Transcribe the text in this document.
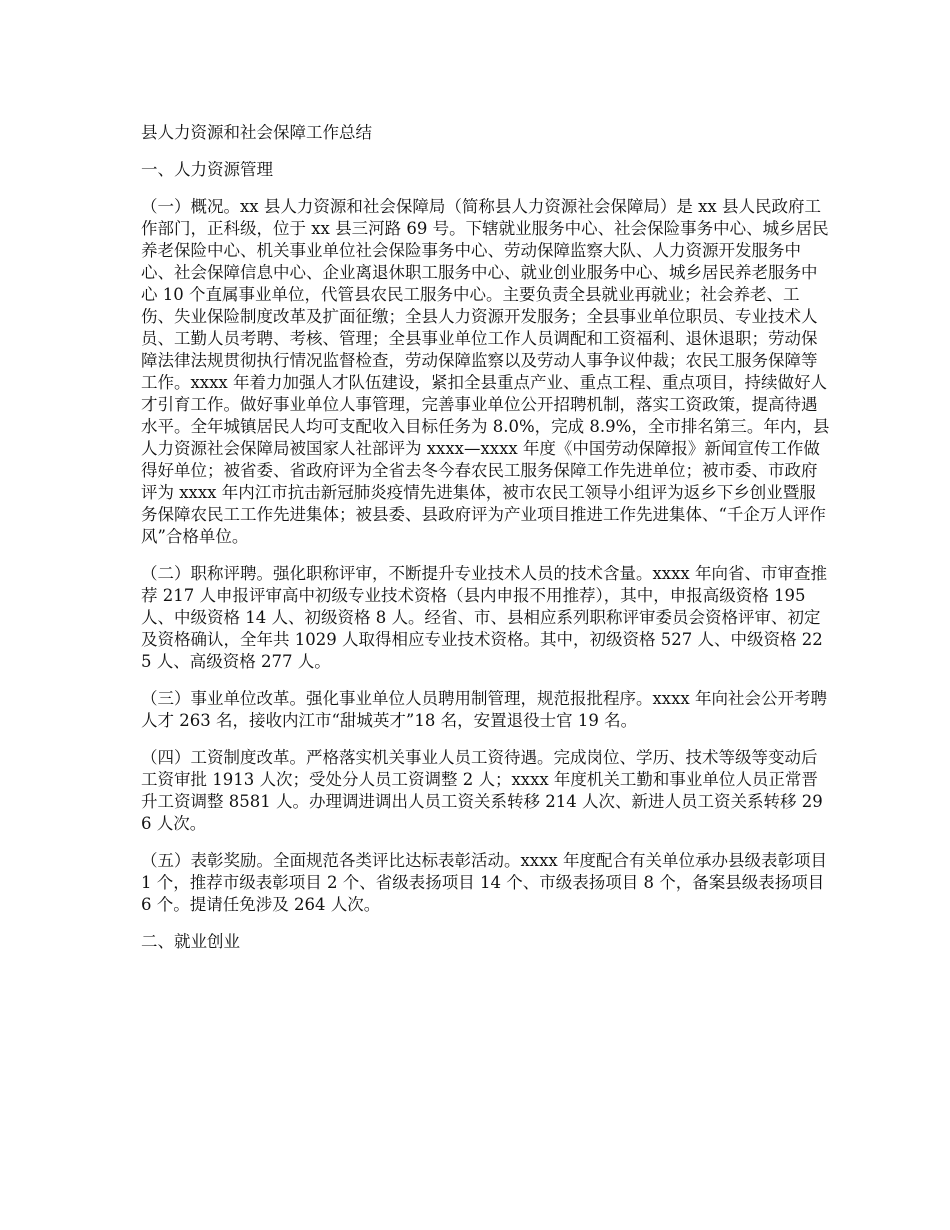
县人力资源和社会保障工作总结
一、人力资源管理
（一）概况。xx 县人力资源和社会保障局（简称县人力资源社会保障局）是 xx 县人民政府工作部门，正科级，位于 xx 县三河路 69 号。下辖就业服务中心、社会保险事务中心、城乡居民养老保险中心、机关事业单位社会保险事务中心、劳动保障监察大队、人力资源开发服务中心、社会保障信息中心、企业离退休职工服务中心、就业创业服务中心、城乡居民养老服务中心 10 个直属事业单位，代管县农民工服务中心。主要负责全县就业再就业；社会养老、工伤、失业保险制度改革及扩面征缴；全县人力资源开发服务；全县事业单位职员、专业技术人员、工勤人员考聘、考核、管理；全县事业单位工作人员调配和工资福利、退休退职；劳动保障法律法规贯彻执行情况监督检查，劳动保障监察以及劳动人事争议仲裁；农民工服务保障等工作。xxxx 年着力加强人才队伍建设，紧扣全县重点产业、重点工程、重点项目，持续做好人才引育工作。做好事业单位人事管理，完善事业单位公开招聘机制，落实工资政策，提高待遇水平。全年城镇居民人均可支配收入目标任务为 8.0%，完成 8.9%，全市排名第三。年内，县人力资源社会保障局被国家人社部评为 xxxx—xxxx 年度《中国劳动保障报》新闻宣传工作做得好单位；被省委、省政府评为全省去冬今春农民工服务保障工作先进单位；被市委、市政府评为 xxxx 年内江市抗击新冠肺炎疫情先进集体，被市农民工领导小组评为返乡下乡创业暨服务保障农民工工作先进集体；被县委、县政府评为产业项目推进工作先进集体、“千企万人评作风”合格单位。
（二）职称评聘。强化职称评审，不断提升专业技术人员的技术含量。xxxx 年向省、市审查推荐 217 人申报评审高中初级专业技术资格（县内申报不用推荐），其中，申报高级资格 195 人、中级资格 14 人、初级资格 8 人。经省、市、县相应系列职称评审委员会资格评审、初定及资格确认，全年共 1029 人取得相应专业技术资格。其中，初级资格 527 人、中级资格 225 人、高级资格 277 人。
（三）事业单位改革。强化事业单位人员聘用制管理，规范报批程序。xxxx 年向社会公开考聘人才 263 名，接收内江市“甜城英才”18 名，安置退役士官 19 名。
（四）工资制度改革。严格落实机关事业人员工资待遇。完成岗位、学历、技术等级等变动后工资审批 1913 人次；受处分人员工资调整 2 人；xxxx 年度机关工勤和事业单位人员正常晋升工资调整 8581 人。办理调进调出人员工资关系转移 214 人次、新进人员工资关系转移 296 人次。
（五）表彰奖励。全面规范各类评比达标表彰活动。xxxx 年度配合有关单位承办县级表彰项目 1 个，推荐市级表彰项目 2 个、省级表扬项目 14 个、市级表扬项目 8 个，备案县级表扬项目 6 个。提请任免涉及 264 人次。
二、就业创业
